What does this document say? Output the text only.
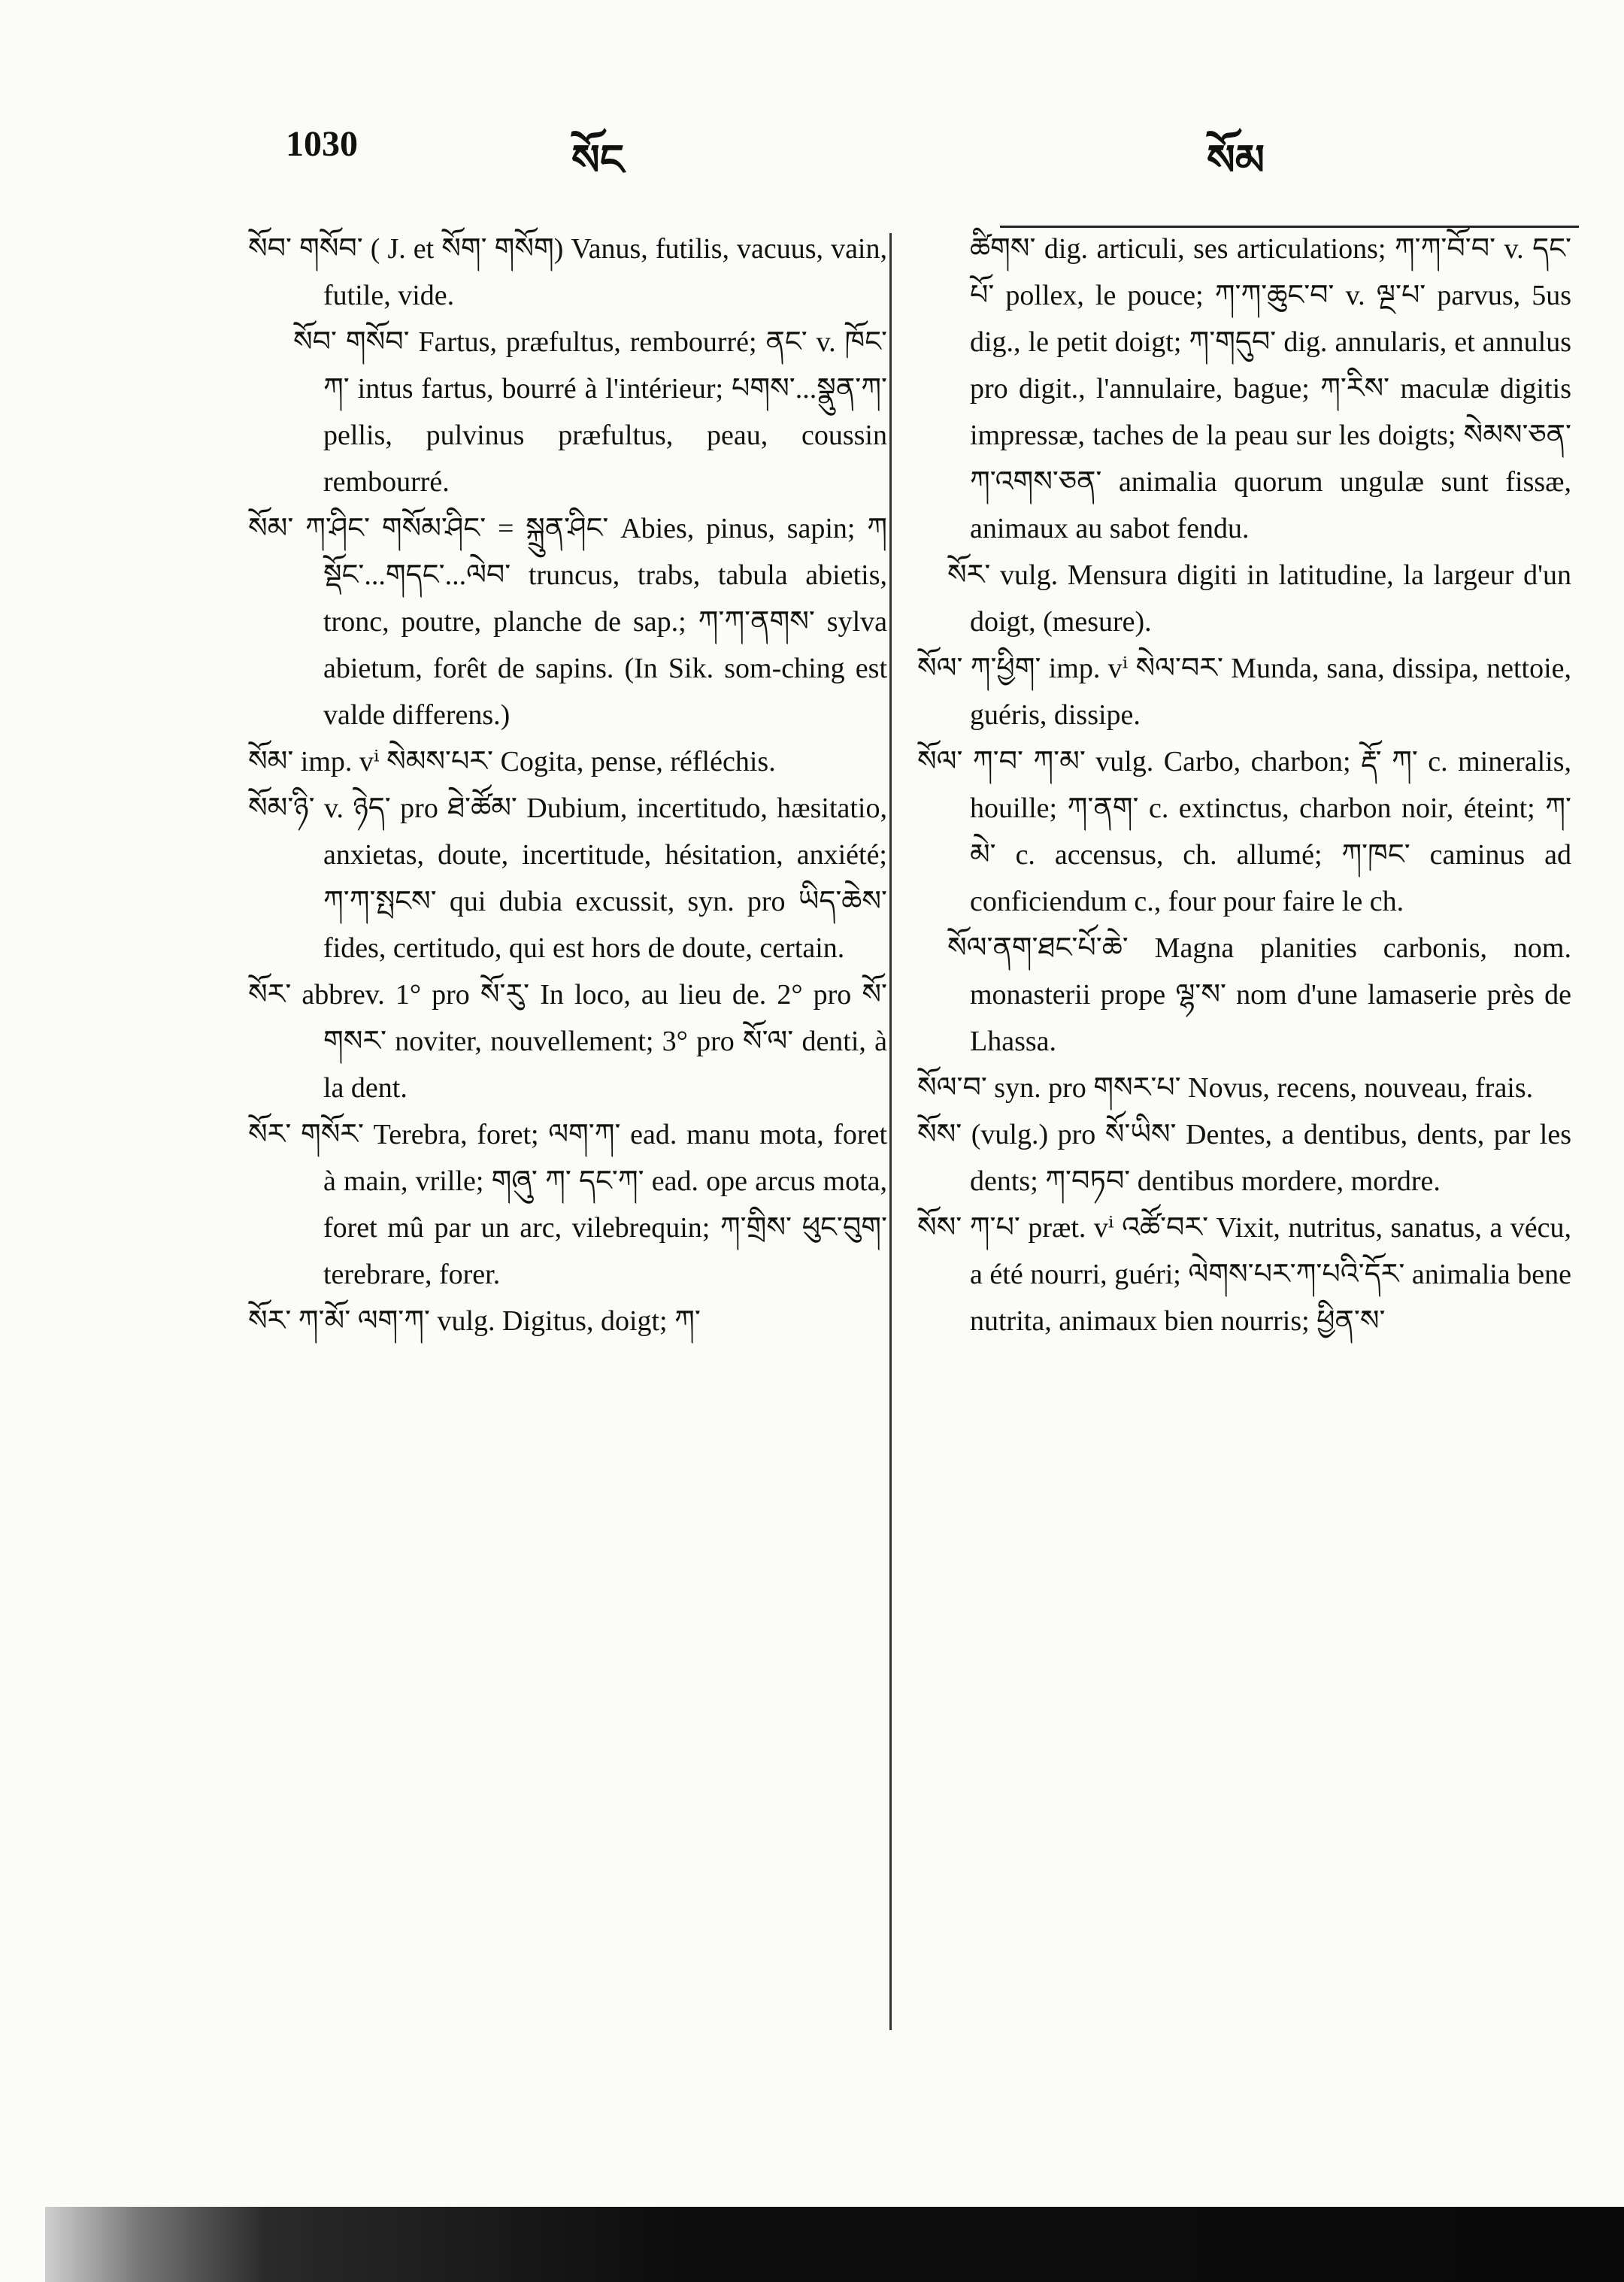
1030	སོང	སོམ

སོབ་ གསོབ་ ( J. et སོག་ གསོག) Vanus, futilis, vacuus, vain, futile, vide.

སོབ་ གསོབ་ Fartus, præfultus, rembourré; ནང་ v. ཁོང་ཀ་ intus fartus, bourré à l'intérieur; པགས་...སྣུན་ཀ་ pellis, pulvinus præfultus, peau, coussin rembourré.

སོམ་ ཀ་ཤིང་ གསོམ་ཤིང་ = སྐྲུན་ཤིང་ Abies, pinus, sapin; ཀ སྡོང་...གདང་...ལེབ་ truncus, trabs, tabula abietis, tronc, poutre, planche de sap.; ཀ་ཀ་ནགས་ sylva abietum, forêt de sapins. (In Sik. som-ching est valde differens.)

སོམ་ imp. vⁱ སེམས་པར་ Cogita, pense, réfléchis.

སོམ་ཉི་ v. ཉེད་ pro ཐེ་ཚོམ་ Dubium, incertitudo, hæsitatio, anxietas, doute, incertitude, hésitation, anxiété; ཀ་ཀ་སྤངས་ qui dubia excussit, syn. pro ཡིད་ཆེས་ fides, certitudo, qui est hors de doute, certain.

སོར་ abbrev. 1° pro སོ་རུ་ In loco, au lieu de. 2° pro སོ་ གསར་ noviter, nouvellement; 3° pro སོ་ལ་ denti, à la dent.

སོར་ གསོར་ Terebra, foret; ལག་ཀ་ ead. manu mota, foret à main, vrille; གཞུ་ ཀ་ དང་ཀ་ ead. ope arcus mota, foret mû par un arc, vilebrequin; ཀ་གྲིས་ ཕུང་བུག་ terebrare, forer.

སོར་ ཀ་མོ་ ལག་ཀ་ vulg. Digitus, doigt; ཀ་

ཚིགས་ dig. articuli, ses articulations; ཀ་ཀ་བོ་བ་ v. དང་པོ་ pollex, le pouce; ཀ་ཀ་ཆུང་བ་ v. ལྔ་པ་ parvus, 5us dig., le petit doigt; ཀ་གདུབ་ dig. annularis, et annulus pro digit., l'annulaire, bague; ཀ་རིས་ maculæ digitis impressæ, taches de la peau sur les doigts; སེམས་ཅན་ ཀ་འགས་ཅན་ animalia quorum ungulæ sunt fissæ, animaux au sabot fendu.

སོར་ vulg. Mensura digiti in latitudine, la largeur d'un doigt, (mesure).

སོལ་ ཀ་ཕྱིག་ imp. vⁱ སེལ་བར་ Munda, sana, dissipa, nettoie, guéris, dissipe.

སོལ་ ཀ་བ་ ཀ་མ་ vulg. Carbo, charbon; རྡོ་ ཀ་ c. mineralis, houille; ཀ་ནག་ c. extinctus, charbon noir, éteint; ཀ་མེ་ c. accensus, ch. allumé; ཀ་ཁང་ caminus ad conficiendum c., four pour faire le ch.

སོལ་ནག་ཐང་པོ་ཆེ་ Magna planities carbonis, nom. monasterii prope ལྷ་ས་ nom d'une lamaserie près de Lhassa.

སོལ་བ་ syn. pro གསར་པ་ Novus, recens, nouveau, frais.

སོས་ (vulg.) pro སོ་ཡིས་ Dentes, a dentibus, dents, par les dents; ཀ་བཏབ་ dentibus mordere, mordre.

སོས་ ཀ་པ་ præt. vⁱ འཚོ་བར་ Vixit, nutritus, sanatus, a vécu, a été nourri, guéri; ལེགས་པར་ཀ་པའི་དོར་ animalia bene nutrita, animaux bien nourris; ཕྱིན་ས་
